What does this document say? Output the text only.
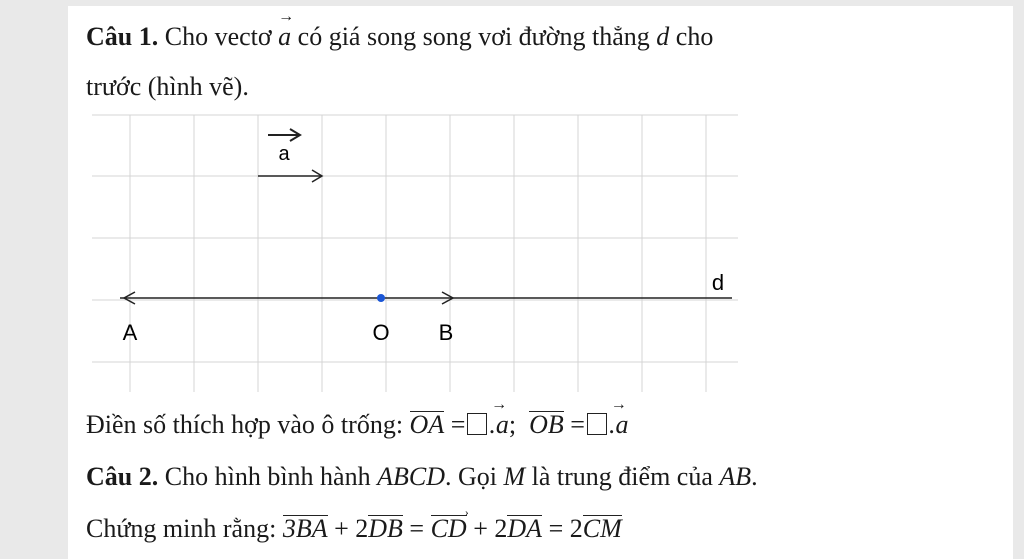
Câu 1. Cho vectơ
→
a có giá song song vơi đường thẳng d cho
trước (hình vẽ).
a
A	O B
d
Điền số thích hợp vào ô trống: OA =
→
.a; OB =
→
.a
Câu 2. Cho hình bình hành ABCD. Gọi M là trung điểm của AB.
Chứng minh rằng: 3BA + 2DB = CD
›
+ 2DA = 2CM
